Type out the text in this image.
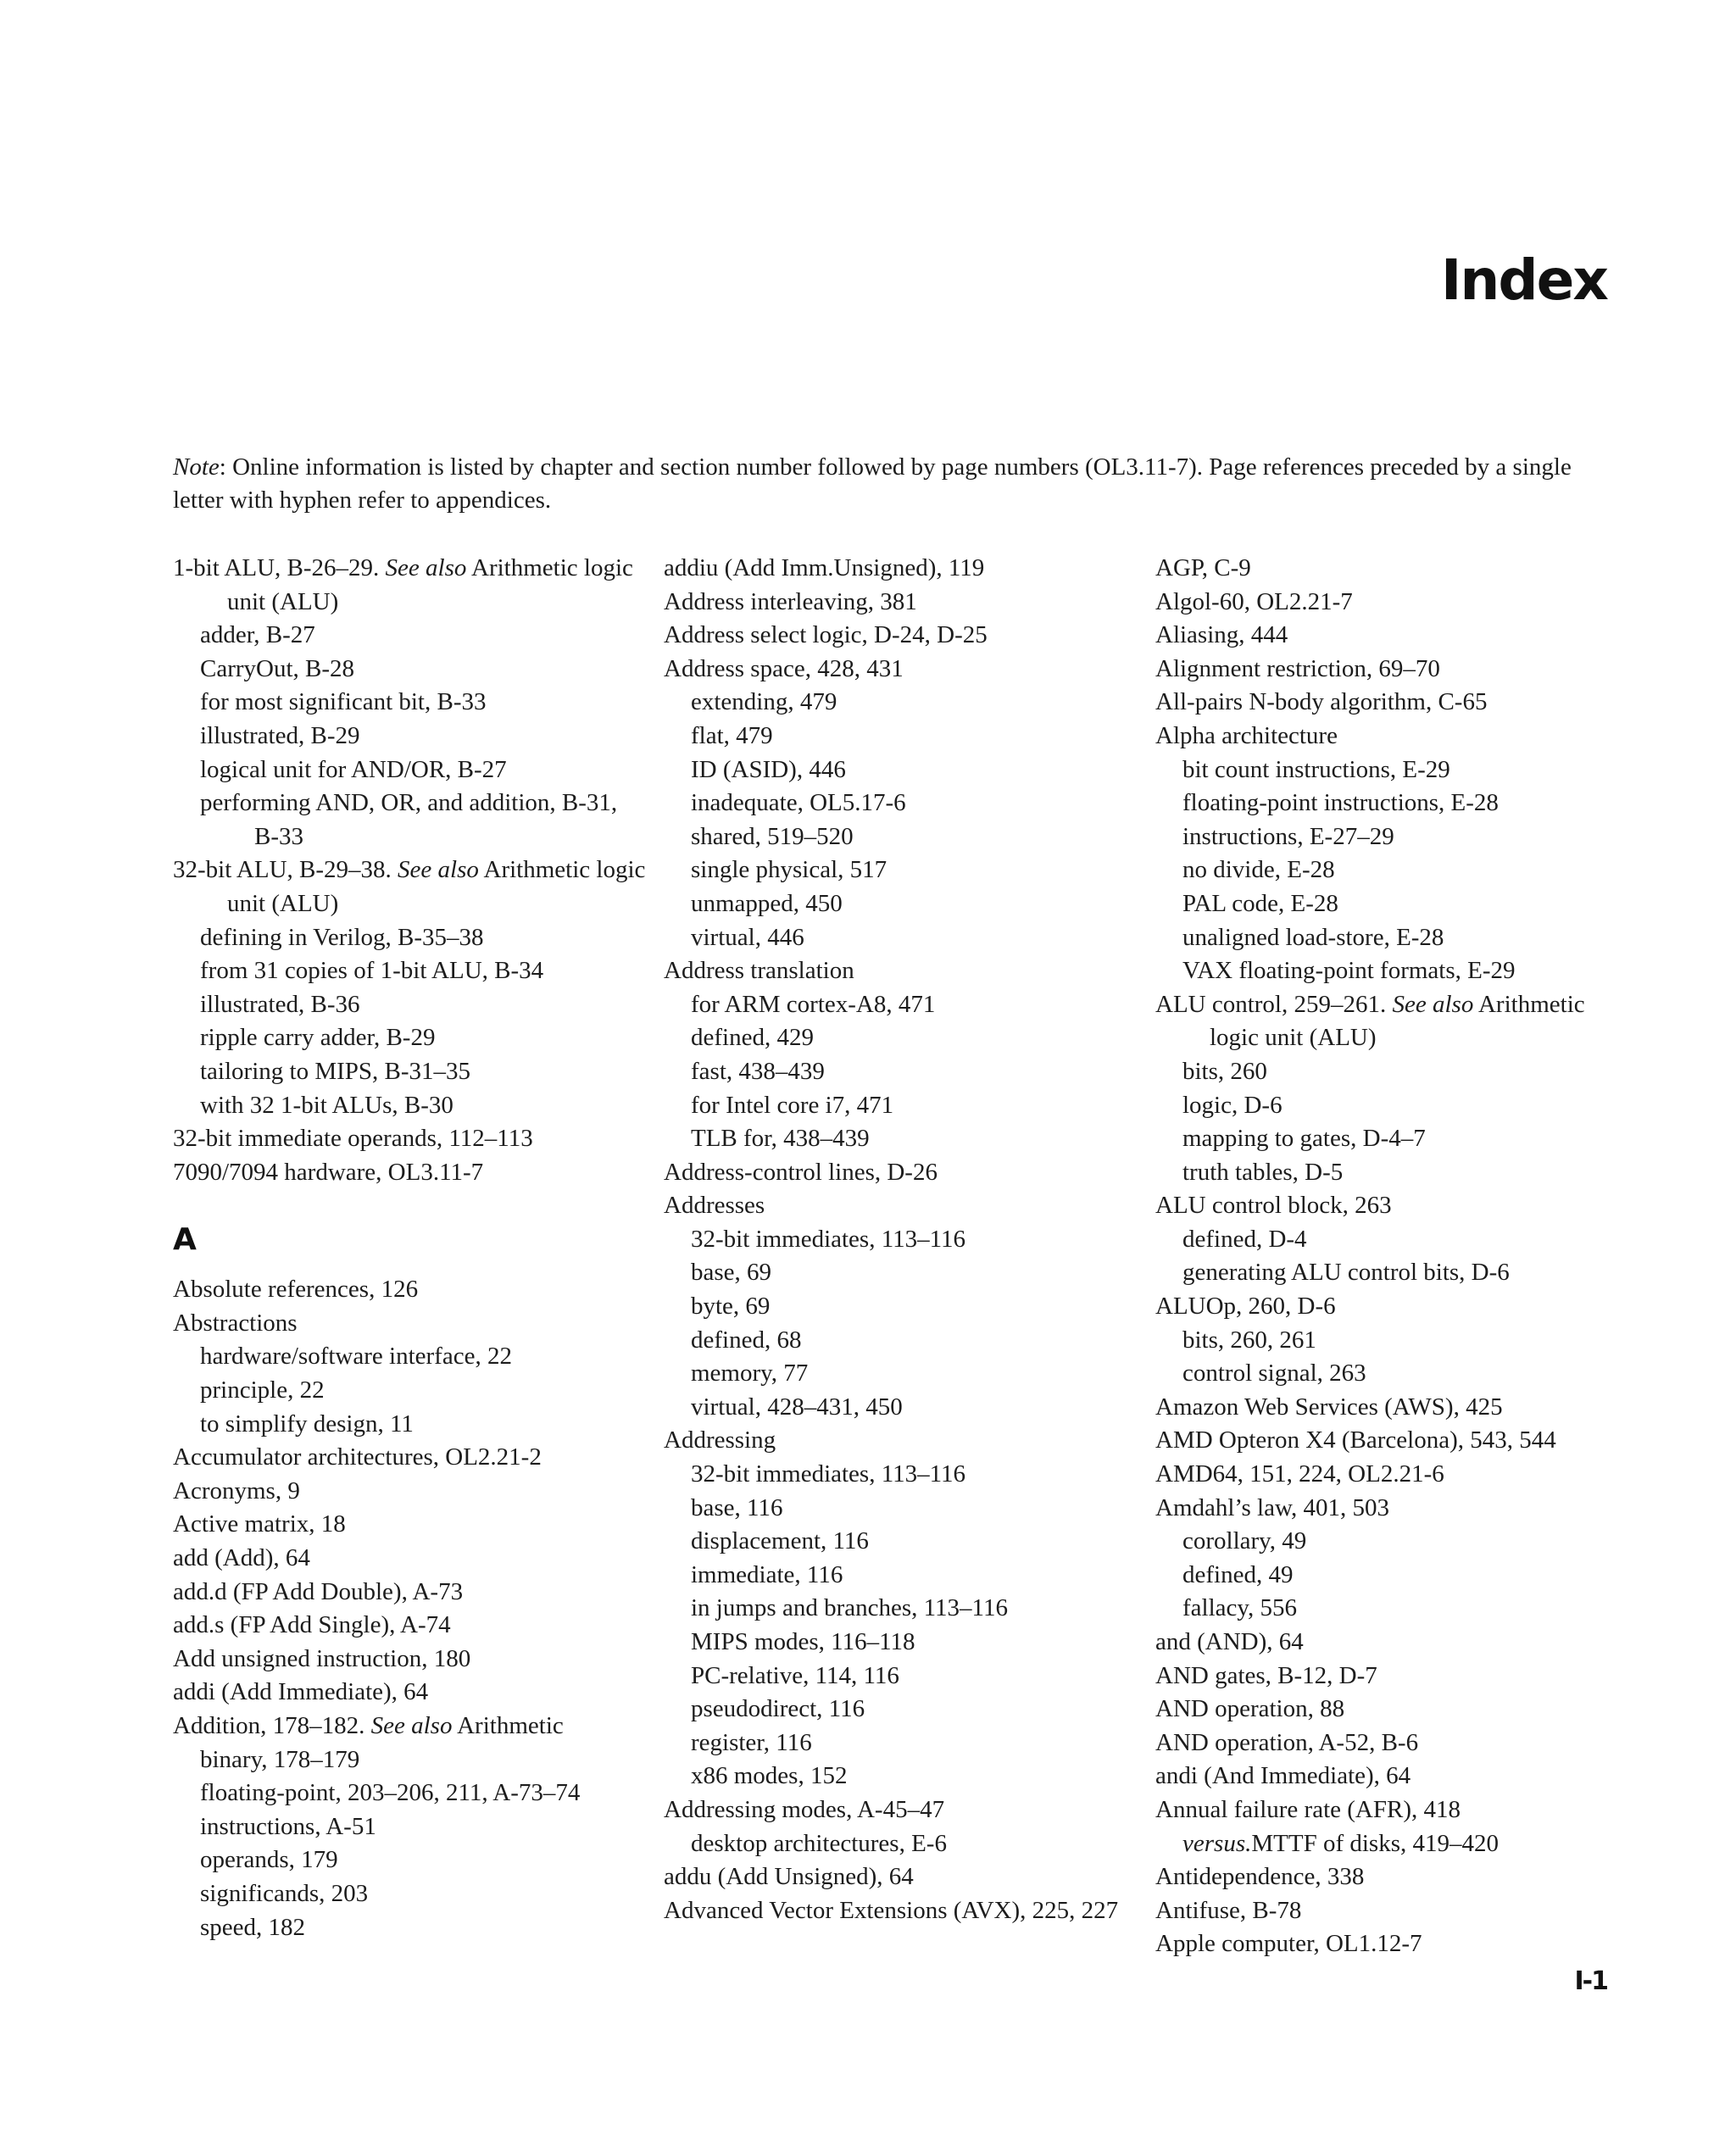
Index

Note: Online information is listed by chapter and section number followed by page numbers (OL3.11-7). Page references preceded by a single letter with hyphen refer to appendices.

1-bit ALU, B-26–29. See also Arithmetic logic unit (ALU)
adder, B-27
CarryOut, B-28
for most significant bit, B-33
illustrated, B-29
logical unit for AND/OR, B-27
performing AND, OR, and addition, B-31, B-33
32-bit ALU, B-29–38. See also Arithmetic logic unit (ALU)
defining in Verilog, B-35–38
from 31 copies of 1-bit ALU, B-34
illustrated, B-36
ripple carry adder, B-29
tailoring to MIPS, B-31–35
with 32 1-bit ALUs, B-30
32-bit immediate operands, 112–113
7090/7094 hardware, OL3.11-7
A
Absolute references, 126
Abstractions
hardware/software interface, 22
principle, 22
to simplify design, 11
Accumulator architectures, OL2.21-2
Acronyms, 9
Active matrix, 18
add (Add), 64
add.d (FP Add Double), A-73
add.s (FP Add Single), A-74
Add unsigned instruction, 180
addi (Add Immediate), 64
Addition, 178–182. See also Arithmetic
binary, 178–179
floating-point, 203–206, 211, A-73–74
instructions, A-51
operands, 179
significands, 203
speed, 182
addiu (Add Imm.Unsigned), 119
Address interleaving, 381
Address select logic, D-24, D-25
Address space, 428, 431
extending, 479
flat, 479
ID (ASID), 446
inadequate, OL5.17-6
shared, 519–520
single physical, 517
unmapped, 450
virtual, 446
Address translation
for ARM cortex-A8, 471
defined, 429
fast, 438–439
for Intel core i7, 471
TLB for, 438–439
Address-control lines, D-26
Addresses
32-bit immediates, 113–116
base, 69
byte, 69
defined, 68
memory, 77
virtual, 428–431, 450
Addressing
32-bit immediates, 113–116
base, 116
displacement, 116
immediate, 116
in jumps and branches, 113–116
MIPS modes, 116–118
PC-relative, 114, 116
pseudodirect, 116
register, 116
x86 modes, 152
Addressing modes, A-45–47
desktop architectures, E-6
addu (Add Unsigned), 64
Advanced Vector Extensions (AVX), 225, 227
AGP, C-9
Algol-60, OL2.21-7
Aliasing, 444
Alignment restriction, 69–70
All-pairs N-body algorithm, C-65
Alpha architecture
bit count instructions, E-29
floating-point instructions, E-28
instructions, E-27–29
no divide, E-28
PAL code, E-28
unaligned load-store, E-28
VAX floating-point formats, E-29
ALU control, 259–261. See also Arithmetic logic unit (ALU)
bits, 260
logic, D-6
mapping to gates, D-4–7
truth tables, D-5
ALU control block, 263
defined, D-4
generating ALU control bits, D-6
ALUOp, 260, D-6
bits, 260, 261
control signal, 263
Amazon Web Services (AWS), 425
AMD Opteron X4 (Barcelona), 543, 544
AMD64, 151, 224, OL2.21-6
Amdahl’s law, 401, 503
corollary, 49
defined, 49
fallacy, 556
and (AND), 64
AND gates, B-12, D-7
AND operation, 88
AND operation, A-52, B-6
andi (And Immediate), 64
Annual failure rate (AFR), 418
versus.MTTF of disks, 419–420
Antidependence, 338
Antifuse, B-78
Apple computer, OL1.12-7
I-1
